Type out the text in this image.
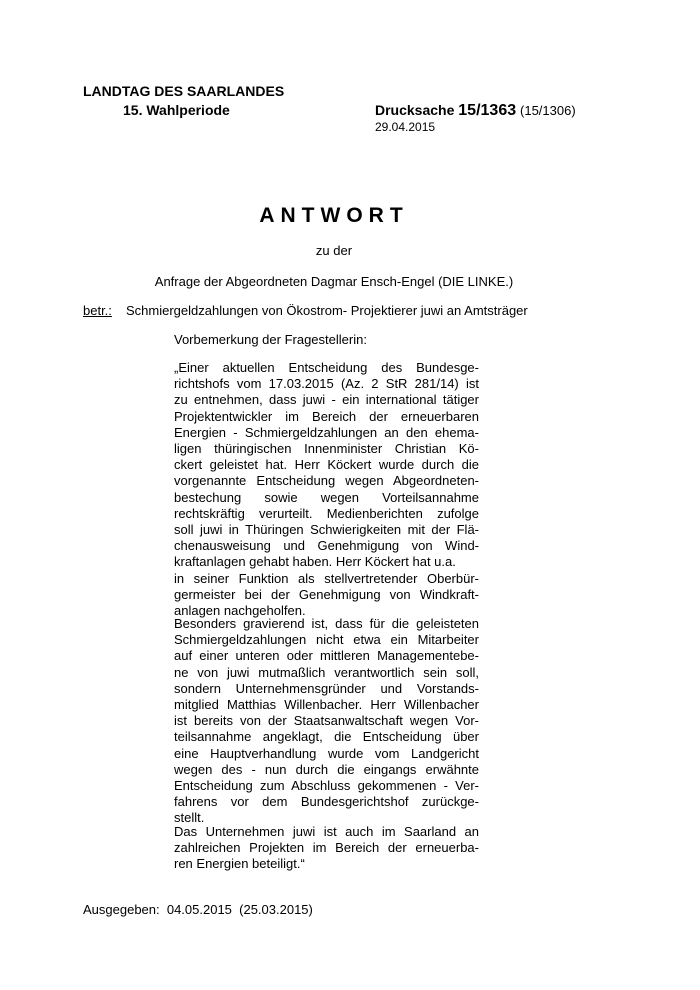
LANDTAG DES SAARLANDES
15. Wahlperiode	Drucksache 15/1363 (15/1306)
29.04.2015
ANTWORT
zu der
Anfrage der Abgeordneten Dagmar Ensch-Engel (DIE LINKE.)
betr.: Schmiergeldzahlungen von Ökostrom- Projektierer juwi an Amtsträger
Vorbemerkung der Fragestellerin:

„Einer aktuellen Entscheidung des Bundesge-
richtshofs vom 17.03.2015 (Az. 2 StR 281/14) ist
zu entnehmen, dass juwi - ein international tätiger
Projektentwickler im Bereich der erneuerbaren
Energien - Schmiergeldzahlungen an den ehema-
ligen thüringischen Innenminister Christian Kö-
ckert geleistet hat. Herr Köckert wurde durch die
vorgenannte Entscheidung wegen Abgeordneten-
bestechung sowie wegen Vorteilsannahme
rechtskräftig verurteilt. Medienberichten zufolge
soll juwi in Thüringen Schwierigkeiten mit der Flä-
chenausweisung und Genehmigung von Wind-
kraftanlagen gehabt haben. Herr Köckert hat u.a.
in seiner Funktion als stellvertretender Oberbür-
germeister bei der Genehmigung von Windkraft-
anlagen nachgeholfen.

Besonders gravierend ist, dass für die geleisteten
Schmiergeldzahlungen nicht etwa ein Mitarbeiter
auf einer unteren oder mittleren Managementebe-
ne von juwi mutmaßlich verantwortlich sein soll,
sondern Unternehmensgründer und Vorstands-
mitglied Matthias Willenbacher. Herr Willenbacher
ist bereits von der Staatsanwaltschaft wegen Vor-
teilsannahme angeklagt, die Entscheidung über
eine Hauptverhandlung wurde vom Landgericht
wegen des - nun durch die eingangs erwähnte
Entscheidung zum Abschluss gekommenen - Ver-
fahrens vor dem Bundesgerichtshof zurückge-
stellt.

Das Unternehmen juwi ist auch im Saarland an
zahlreichen Projekten im Bereich der erneuerba-
ren Energien beteiligt.“

Ausgegeben:  04.05.2015  (25.03.2015)
